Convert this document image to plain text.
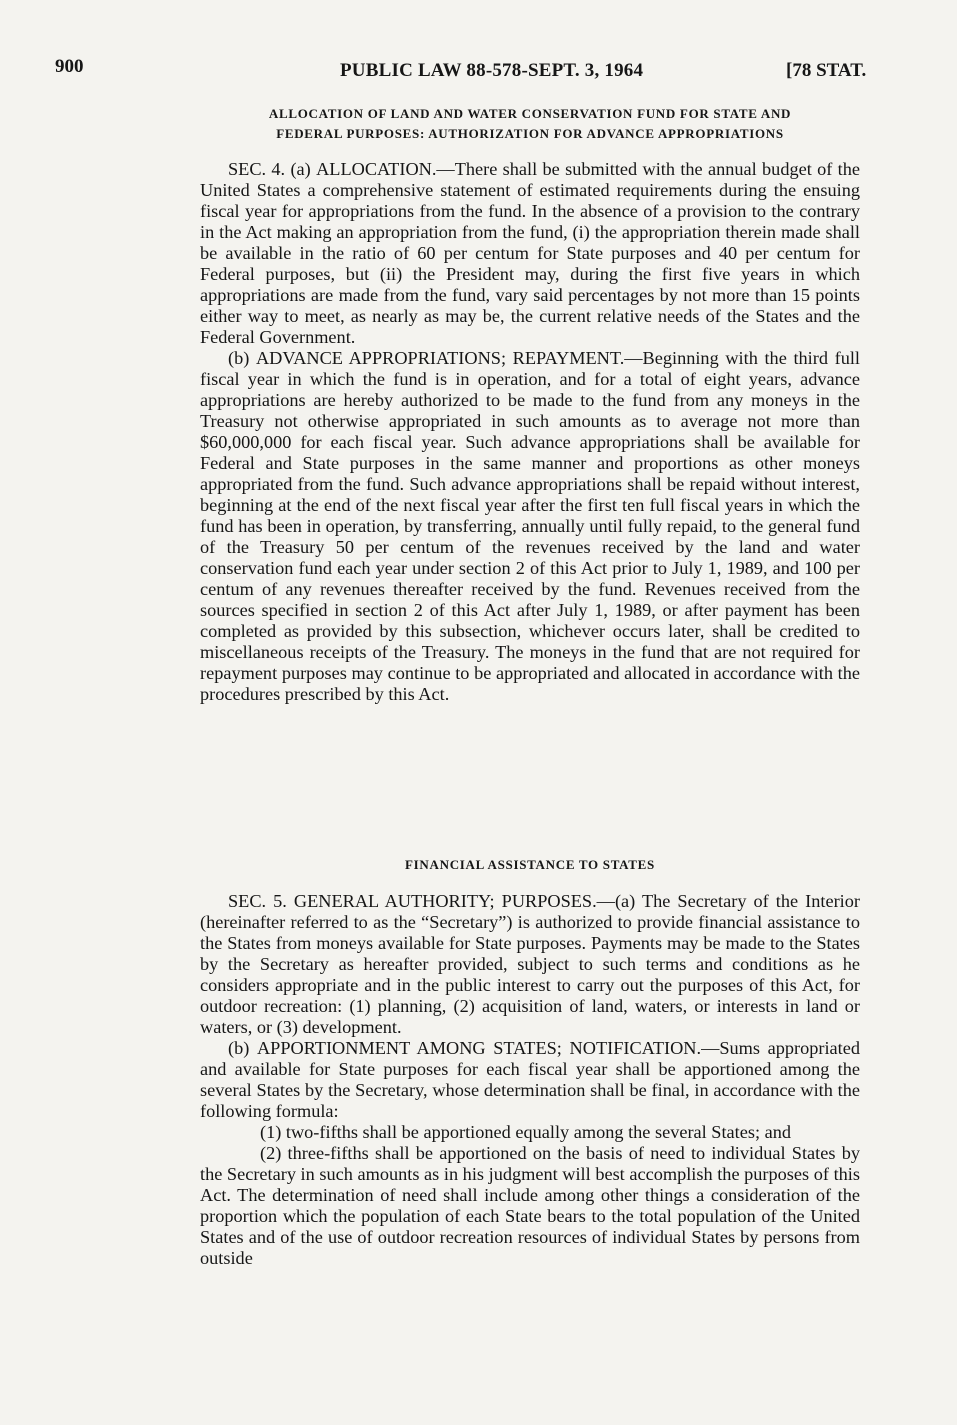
900	PUBLIC LAW 88-578-SEPT. 3, 1964	[78 STAT.
ALLOCATION OF LAND AND WATER CONSERVATION FUND FOR STATE AND
FEDERAL PURPOSES: AUTHORIZATION FOR ADVANCE APPROPRIATIONS

SEC. 4. (a) ALLOCATION.—There shall be submitted with the annual budget of the United States a comprehensive statement of estimated requirements during the ensuing fiscal year for appropriations from the fund. In the absence of a provision to the contrary in the Act making an appropriation from the fund, (i) the appropriation therein made shall be available in the ratio of 60 per centum for State purposes and 40 per centum for Federal purposes, but (ii) the President may, during the first five years in which appropriations are made from the fund, vary said percentages by not more than 15 points either way to meet, as nearly as may be, the current relative needs of the States and the Federal Government.

(b) ADVANCE APPROPRIATIONS; REPAYMENT.—Beginning with the third full fiscal year in which the fund is in operation, and for a total of eight years, advance appropriations are hereby authorized to be made to the fund from any moneys in the Treasury not otherwise appropriated in such amounts as to average not more than $60,000,000 for each fiscal year. Such advance appropriations shall be available for Federal and State purposes in the same manner and proportions as other moneys appropriated from the fund. Such advance appropriations shall be repaid without interest, beginning at the end of the next fiscal year after the first ten full fiscal years in which the fund has been in operation, by transferring, annually until fully repaid, to the general fund of the Treasury 50 per centum of the revenues received by the land and water conservation fund each year under section 2 of this Act prior to July 1, 1989, and 100 per centum of any revenues thereafter received by the fund. Revenues received from the sources specified in section 2 of this Act after July 1, 1989, or after payment has been completed as provided by this subsection, whichever occurs later, shall be credited to miscellaneous receipts of the Treasury. The moneys in the fund that are not required for repayment purposes may continue to be appropriated and allocated in accordance with the procedures prescribed by this Act.

FINANCIAL ASSISTANCE TO STATES

SEC. 5. GENERAL AUTHORITY; PURPOSES.—(a) The Secretary of the Interior (hereinafter referred to as the “Secretary”) is authorized to provide financial assistance to the States from moneys available for State purposes. Payments may be made to the States by the Secretary as hereafter provided, subject to such terms and conditions as he considers appropriate and in the public interest to carry out the purposes of this Act, for outdoor recreation: (1) planning, (2) acquisition of land, waters, or interests in land or waters, or (3) development.

(b) APPORTIONMENT AMONG STATES; NOTIFICATION.—Sums appropriated and available for State purposes for each fiscal year shall be apportioned among the several States by the Secretary, whose determination shall be final, in accordance with the following formula:

(1) two-fifths shall be apportioned equally among the several States; and

(2) three-fifths shall be apportioned on the basis of need to individual States by the Secretary in such amounts as in his judgment will best accomplish the purposes of this Act. The determination of need shall include among other things a consideration of the proportion which the population of each State bears to the total population of the United States and of the use of outdoor recreation resources of individual States by persons from outside
